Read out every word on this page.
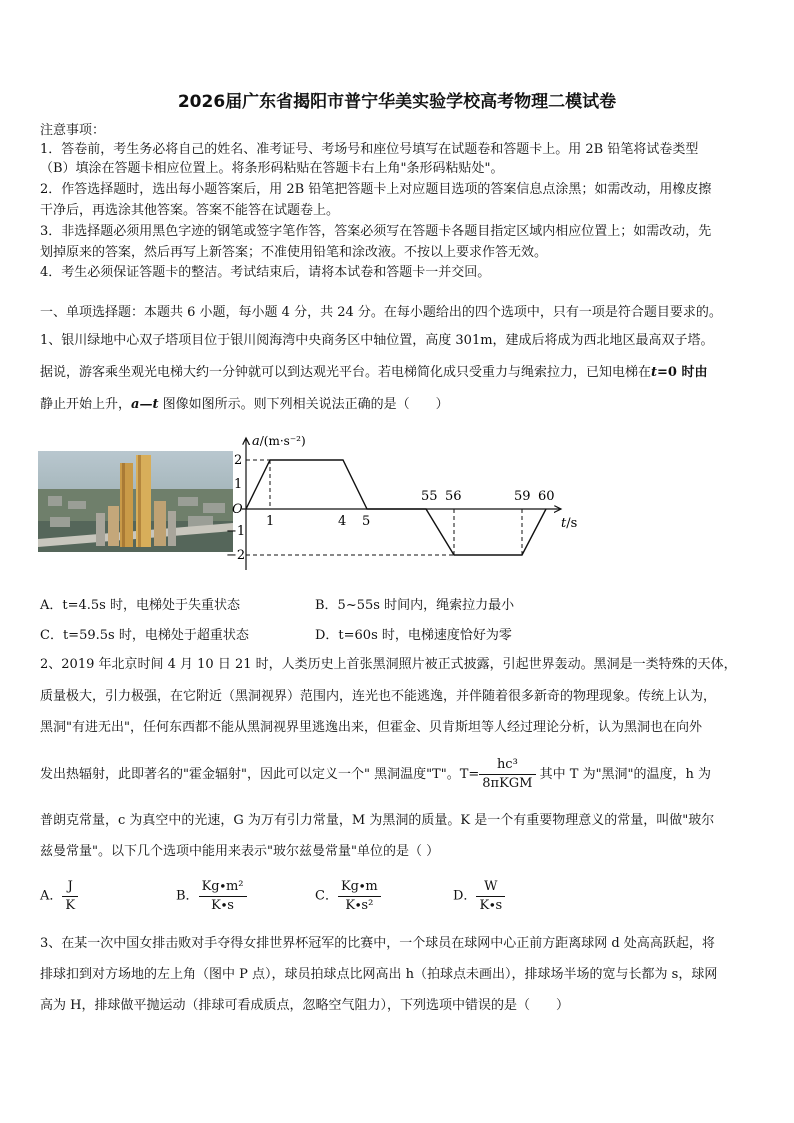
2026届广东省揭阳市普宁华美实验学校高考物理二模试卷
注意事项：
1．答卷前，考生务必将自己的姓名、准考证号、考场号和座位号填写在试题卷和答题卡上。用 2B 铅笔将试卷类型
（B）填涂在答题卡相应位置上。将条形码粘贴在答题卡右上角"条形码粘贴处"。
2．作答选择题时，选出每小题答案后，用 2B 铅笔把答题卡上对应题目选项的答案信息点涂黑；如需改动，用橡皮擦
干净后，再选涂其他答案。答案不能答在试题卷上。
3．非选择题必须用黑色字迹的钢笔或签字笔作答，答案必须写在答题卡各题目指定区域内相应位置上；如需改动，先
划掉原来的答案，然后再写上新答案；不准使用铅笔和涂改液。不按以上要求作答无效。
4．考生必须保证答题卡的整洁。考试结束后，请将本试卷和答题卡一并交回。
一、单项选择题：本题共 6 小题，每小题 4 分，共 24 分。在每小题给出的四个选项中，只有一项是符合题目要求的。
1、银川绿地中心双子塔项目位于银川阅海湾中央商务区中轴位置，高度 301m，建成后将成为西北地区最高双子塔。
据说，游客乘坐观光电梯大约一分钟就可以到达观光平台。若电梯简化成只受重力与绳索拉力，已知电梯在t=0 时由
静止开始上升，a—t 图像如图所示。则下列相关说法正确的是（　　）
a/(m·s⁻²)
O
2
1
−1
−2
1	4 5
55 56	59 60
t/s
A．t=4.5s 时，电梯处于失重状态	B．5~55s 时间内，绳索拉力最小
C．t=59.5s 时，电梯处于超重状态	D．t=60s 时，电梯速度恰好为零
2、2019 年北京时间 4 月 10 日 21 时，人类历史上首张黑洞照片被正式披露，引起世界轰动。黑洞是一类特殊的天体，
质量极大，引力极强，在它附近（黑洞视界）范围内，连光也不能逃逸，并伴随着很多新奇的物理现象。传统上认为，
黑洞"有进无出"，任何东西都不能从黑洞视界里逃逸出来，但霍金、贝肯斯坦等人经过理论分析，认为黑洞也在向外
发出热辐射，此即著名的"霍金辐射"，因此可以定义一个" 黑洞温度"T"。$T= \frac{\text{hc³}}{\text{8πKGM}}$ 其中 T 为"黑洞"的温度，h 为
普朗克常量，c 为真空中的光速，G 为万有引力常量，M 为黑洞的质量。K 是一个有重要物理意义的常量，叫做"玻尔
兹曼常量"。以下几个选项中能用来表示"玻尔兹曼常量"单位的是（ ）
A． $\frac{J}{K}$	B． $\frac{\text{Kg∙m²}}{K\cdot s}$	C． $\frac{Kg\cdot m}{\text{K∙s²}}$	D． $\frac{W}{K\cdot s}$
3、在某一次中国女排击败对手夺得女排世界杯冠军的比赛中，一个球员在球网中心正前方距离球网 d 处高高跃起，将
排球扣到对方场地的左上角（图中 P 点），球员拍球点比网高出 h（拍球点未画出），排球场半场的宽与长都为 s，球网
高为 H，排球做平抛运动（排球可看成质点，忽略空气阻力），下列选项中错误的是（　　）
